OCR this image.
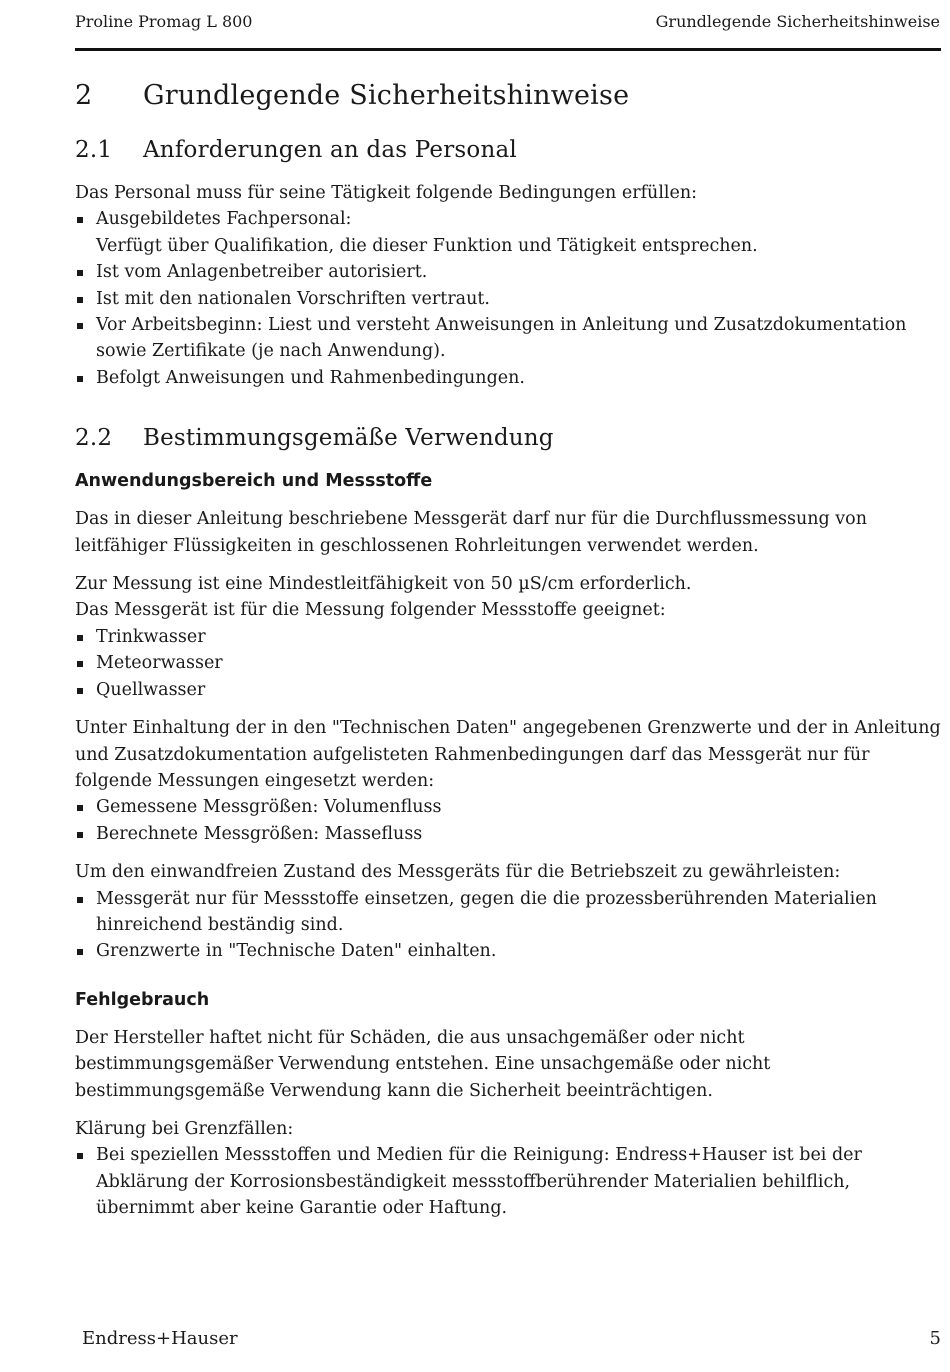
Proline Promag L 800	Grundlegende Sicherheitshinweise
2	Grundlegende Sicherheitshinweise
2.1	Anforderungen an das Personal

Das Personal muss für seine Tätigkeit folgende Bedingungen erfüllen:

Ausgebildetes Fachpersonal:
Verfügt über Qualifikation, die dieser Funktion und Tätigkeit entsprechen.
Ist vom Anlagenbetreiber autorisiert.
Ist mit den nationalen Vorschriften vertraut.
Vor Arbeitsbeginn: Liest und versteht Anweisungen in Anleitung und Zusatzdokumentation sowie Zertifikate (je nach Anwendung).
Befolgt Anweisungen und Rahmenbedingungen.
2.2	Bestimmungsgemäße Verwendung
Anwendungsbereich und Messstoffe

Das in dieser Anleitung beschriebene Messgerät darf nur für die Durchflussmessung von leitfähiger Flüssigkeiten in geschlossenen Rohrleitungen verwendet werden.

Zur Messung ist eine Mindestleitfähigkeit von 50 µS/cm erforderlich.

Das Messgerät ist für die Messung folgender Messstoffe geeignet:

Trinkwasser
Meteorwasser
Quellwasser

Unter Einhaltung der in den "Technischen Daten" angegebenen Grenzwerte und der in Anleitung und Zusatzdokumentation aufgelisteten Rahmenbedingungen darf das Messgerät nur für folgende Messungen eingesetzt werden:

Gemessene Messgrößen: Volumenfluss
Berechnete Messgrößen: Massefluss

Um den einwandfreien Zustand des Messgeräts für die Betriebszeit zu gewährleisten:

Messgerät nur für Messstoffe einsetzen, gegen die die prozessberührenden Materialien hinreichend beständig sind.
Grenzwerte in "Technische Daten" einhalten.
Fehlgebrauch

Der Hersteller haftet nicht für Schäden, die aus unsachgemäßer oder nicht bestimmungsgemäßer Verwendung entstehen. Eine unsachgemäße oder nicht bestimmungsgemäße Verwendung kann die Sicherheit beeinträchtigen.

Klärung bei Grenzfällen:

Bei speziellen Messstoffen und Medien für die Reinigung: Endress+Hauser ist bei der Abklärung der Korrosionsbeständigkeit messstoffberührender Materialien behilflich, übernimmt aber keine Garantie oder Haftung.
Endress+Hauser	5
